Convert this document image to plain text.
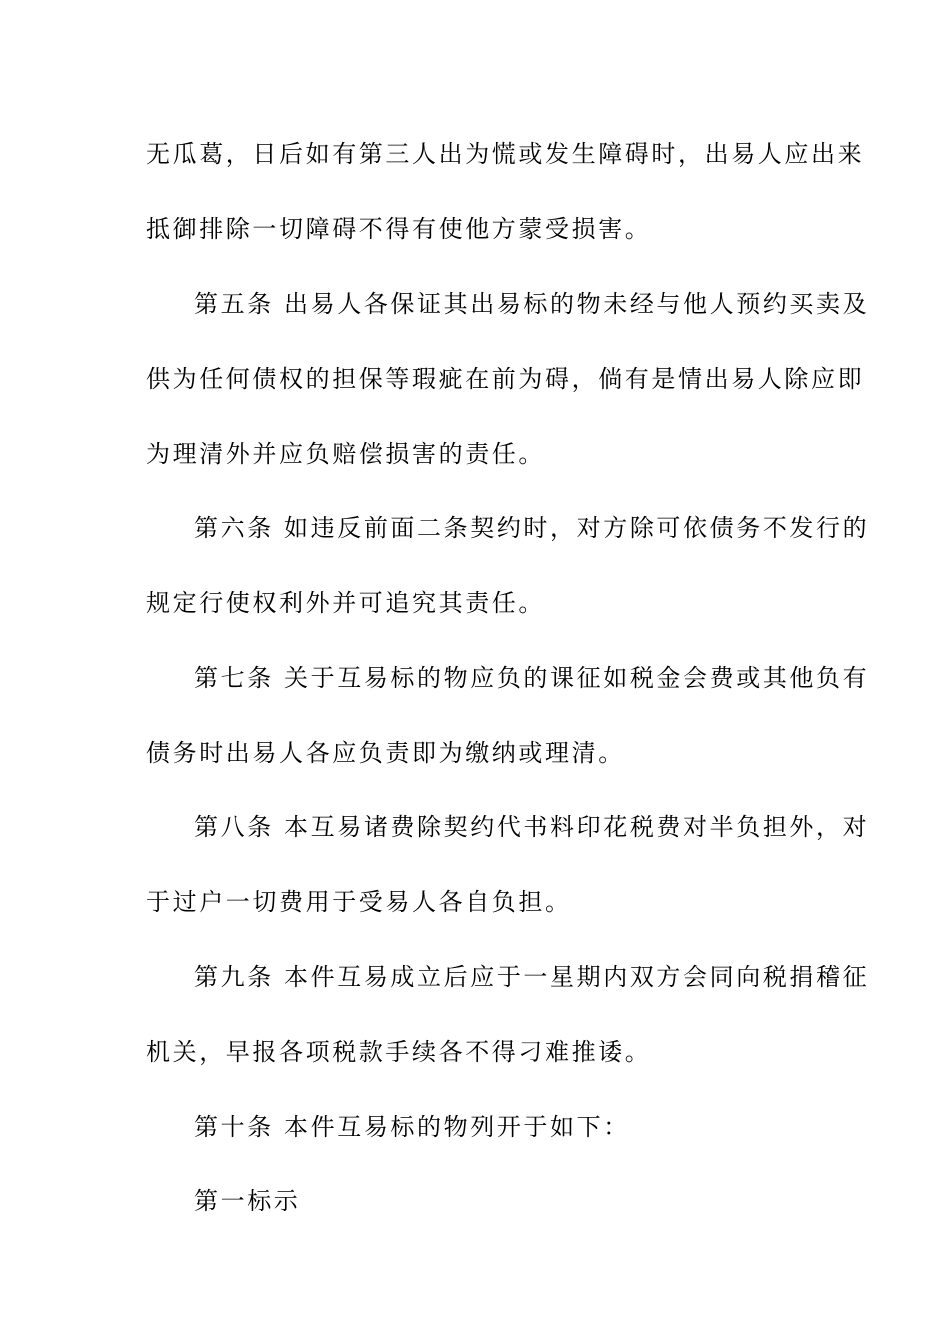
无瓜葛，日后如有第三人出为慌或发生障碍时，出易人应出来
抵御排除一切障碍不得有使他方蒙受损害。
第五条 出易人各保证其出易标的物未经与他人预约买卖及
供为任何债权的担保等瑕疵在前为碍，倘有是情出易人除应即
为理清外并应负赔偿损害的责任。
第六条 如违反前面二条契约时，对方除可依债务不发行的
规定行使权利外并可追究其责任。
第七条 关于互易标的物应负的课征如税金会费或其他负有
债务时出易人各应负责即为缴纳或理清。
第八条 本互易诸费除契约代书料印花税费对半负担外，对
于过户一切费用于受易人各自负担。
第九条 本件互易成立后应于一星期内双方会同向税捐稽征
机关，早报各项税款手续各不得刁难推诿。
第十条 本件互易标的物列开于如下：
第一标示
